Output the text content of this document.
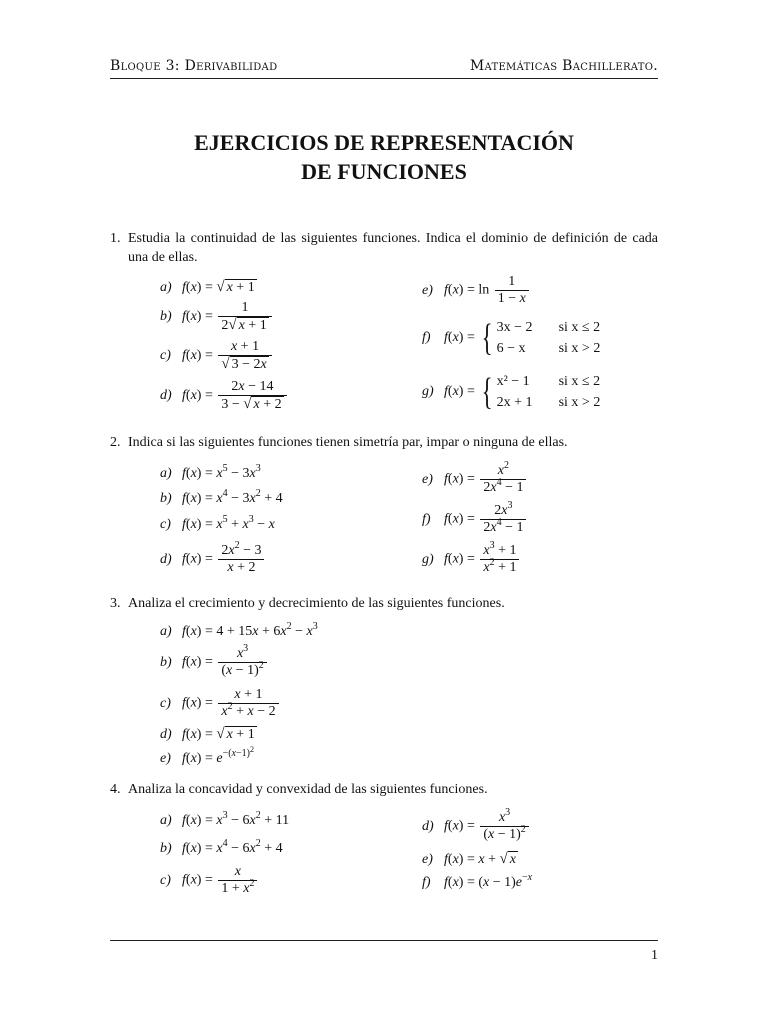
Bloque 3: Derivabilidad	Matemáticas Bachillerato.
EJERCICIOS DE REPRESENTACIÓN
DE FUNCIONES
1. Estudia la continuidad de las siguientes funciones. Indica el dominio de definición de cada una de ellas.
a) f(x) = √ x + 1
b) $f(x) = \frac{1}{2√ x + 1}$
c) $f(x) = \frac{x + 1}{√ 3 - 2x}$
d) $f(x) = \frac{2x - 14}{3 - √ x + 2}$
e) $f(x) = \ln \frac{1}{1 - x}$
f) f(x) = { 3x − 2 si x ≤ 2
6 − x si x > 2
g) f(x) = { x² − 1 si x ≤ 2
2x + 1 si x > 2
2. Indica si las siguientes funciones tienen simetría par, impar o ninguna de ellas.
a) $f(x) = x^5 - 3x^3$
b) $f(x) = x^4 - 3x^2 + 4$
c) $f(x) = x^5 + x^3 - x$
d) $f(x) = \frac{2x^2 - 3}{x + 2}$
e) $f(x) = \frac{x^2}{2x^4 - 1}$
f) $f(x) = \frac{2x^3}{2x^4 - 1}$
g) $f(x) = \frac{x^3 + 1}{x^2 + 1}$
3. Analiza el crecimiento y decrecimiento de las siguientes funciones.
a) $f(x) = 4 + 15x + 6x^2 - x^3$
b) $f(x) = \frac{x^3}{(x - 1)^2}$
c) $f(x) = \frac{x + 1}{x^2 + x - 2}$
d) f(x) = √ x + 1
e) $f(x) = e^{-(x-1)^2}$
4. Analiza la concavidad y convexidad de las siguientes funciones.
a) $f(x) = x^3 - 6x^2 + 11$
b) $f(x) = x^4 - 6x^2 + 4$
c) $f(x) = \frac{x}{1 + x^2}$
d) $f(x) = \frac{x^3}{(x - 1)^2}$
e) f(x) = x + √ x
f) $f(x) = (x - 1)e^{-x}$
1
